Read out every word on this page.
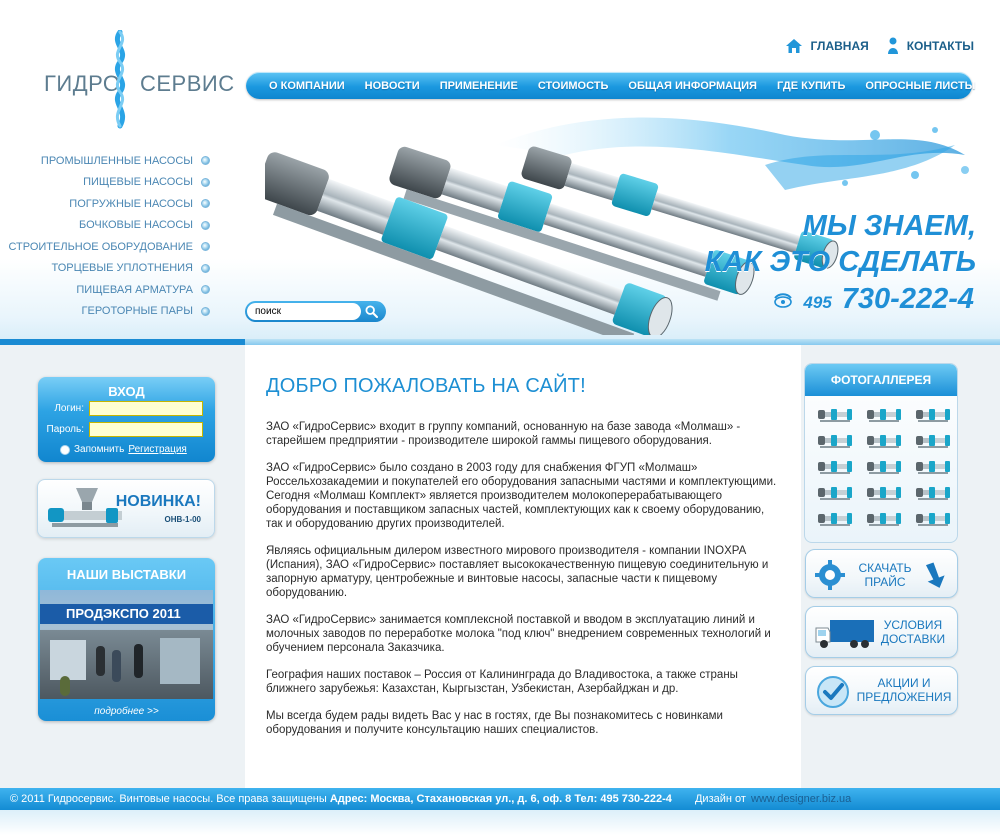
ГИДРО СЕРВИС
ГЛАВНАЯ	КОНТАКТЫ
О КОМПАНИИ НОВОСТИ ПРИМЕНЕНИЕ СТОИМОСТЬ ОБЩАЯ ИНФОРМАЦИЯ ГДЕ КУПИТЬ ОПРОСНЫЕ ЛИСТЫ
ПРОМЫШЛЕННЫЕ НАСОСЫ
ПИЩЕВЫЕ НАСОСЫ
ПОГРУЖНЫЕ НАСОСЫ
БОЧКОВЫЕ НАСОСЫ
СТРОИТЕЛЬНОЕ ОБОРУДОВАНИЕ
ТОРЦЕВЫЕ УПЛОТНЕНИЯ
ПИЩЕВАЯ АРМАТУРА
ГЕРОТОРНЫЕ ПАРЫ
МЫ ЗНАЕМ,
КАК ЭТО СДЕЛАТЬ
495 730-222-4
поиск
ВХОД
Логин:
Пароль:
Запомнить Регистрация
НОВИНКА!
OHB-1-00
НАШИ ВЫСТАВКИ
ПРОДЭКСПО 2011
подробнее >>
ДОБРО ПОЖАЛОВАТЬ НА САЙТ!

ЗАО «ГидроСервис» входит в группу компаний, основанную на базе завода «Молмаш» - старейшем предприятии - производителе широкой гаммы пищевого оборудования.

ЗАО «ГидроСервис» было создано в 2003 году для снабжения ФГУП «Молмаш» Россельхозакадемии и покупателей его оборудования запасными частями и комплектующими. Сегодня «Молмаш Комплект» является производителем молокоперерабатывающего оборудования и поставщиком запасных частей, комплектующих как к своему оборудованию, так и оборудованию других производителей.

Являясь официальным дилером известного мирового производителя - компании INOXPA (Испания), ЗАО «ГидроСервис» поставляет высококачественную пищевую соединительную и запорную арматуру, центробежные и винтовые насосы, запасные части к пищевому оборудованию.

ЗАО «ГидроСервис» занимается комплексной поставкой и вводом в эксплуатацию линий и молочных заводов по переработке молока "под ключ" внедрением современных технологий и обучением персонала Заказчика.

География наших поставок – Россия от Калининграда до Владивостока, а также страны ближнего зарубежья: Казахстан, Кыргызстан, Узбекистан, Азербайджан и др.

Мы всегда будем рады видеть Вас у нас в гостях, где Вы познакомитесь с новинками оборудования и получите консультацию наших специалистов.

ФОТОГАЛЛЕРЕЯ
СКАЧАТЬ
ПРАЙС
УСЛОВИЯ
ДОСТАВКИ
АКЦИИ И
ПРЕДЛОЖЕНИЯ
© 2011 Гидросервис. Винтовые насосы. Все права защищены Адрес: Москва, Стахановская ул., д. 6, оф. 8 Тел: 495 730-222-4 Дизайн от www.designer.biz.ua
